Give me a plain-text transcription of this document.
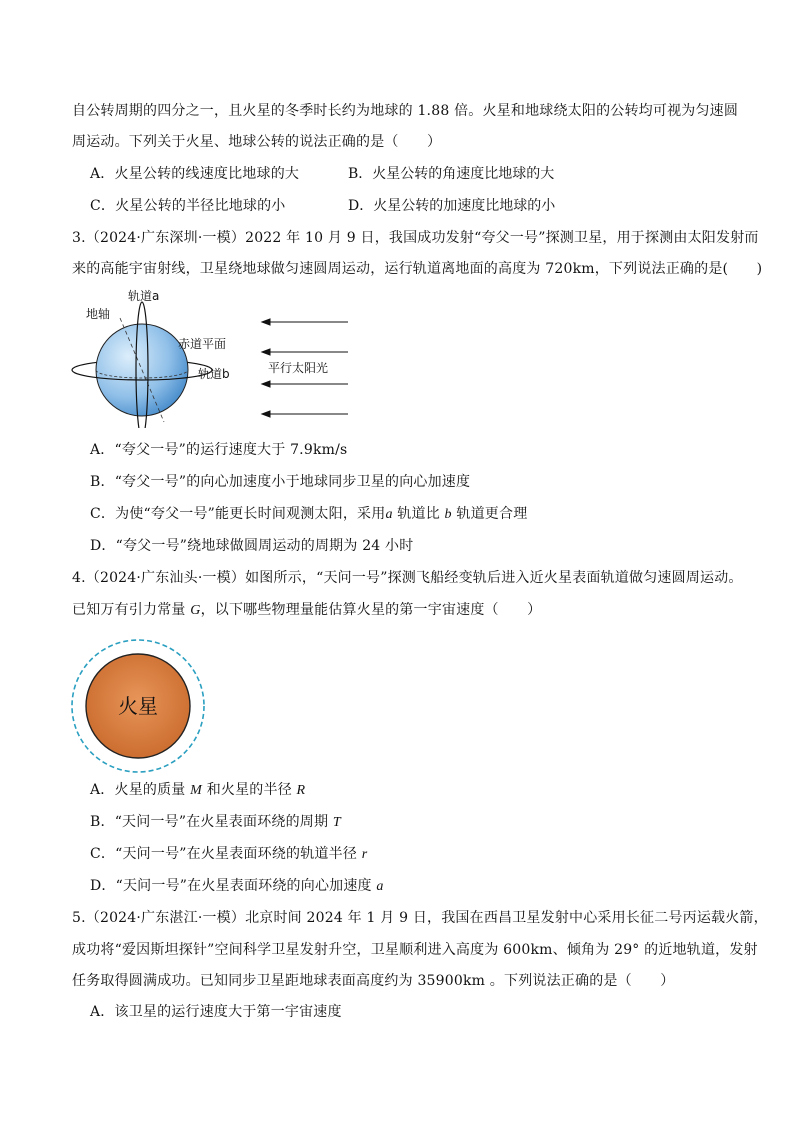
自公转周期的四分之一，且火星的冬季时长约为地球的 1.88 倍。火星和地球绕太阳的公转均可视为匀速圆
周运动。下列关于火星、地球公转的说法正确的是（　　）
A．火星公转的线速度比地球的大	B．火星公转的角速度比地球的大
C．火星公转的半径比地球的小	D．火星公转的加速度比地球的小
3.（2024·广东深圳·一模）2022 年 10 月 9 日，我国成功发射“夸父一号”探测卫星，用于探测由太阳发射而
来的高能宇宙射线，卫星绕地球做匀速圆周运动，运行轨道离地面的高度为 720km，下列说法正确的是(　　)
轨道a
地轴
赤道平面
轨道b	平行太阳光
A．“夸父一号”的运行速度大于 7.9km/s
B．“夸父一号”的向心加速度小于地球同步卫星的向心加速度
C．为使“夸父一号”能更长时间观测太阳，采用a 轨道比 b 轨道更合理
D．“夸父一号”绕地球做圆周运动的周期为 24 小时
4.（2024·广东汕头·一模）如图所示，“天问一号”探测飞船经变轨后进入近火星表面轨道做匀速圆周运动。
已知万有引力常量 G，以下哪些物理量能估算火星的第一宇宙速度（　　）
火星
A．火星的质量 M 和火星的半径 R
B．“天问一号”在火星表面环绕的周期 T
C．“天问一号”在火星表面环绕的轨道半径 r
D．“天问一号”在火星表面环绕的向心加速度 a
5.（2024·广东湛江·一模）北京时间 2024 年 1 月 9 日，我国在西昌卫星发射中心采用长征二号丙运载火箭，
成功将“爱因斯坦探针”空间科学卫星发射升空，卫星顺利进入高度为 600km、倾角为 29° 的近地轨道，发射
任务取得圆满成功。已知同步卫星距地球表面高度约为 35900km 。下列说法正确的是（　　）
A．该卫星的运行速度大于第一宇宙速度
